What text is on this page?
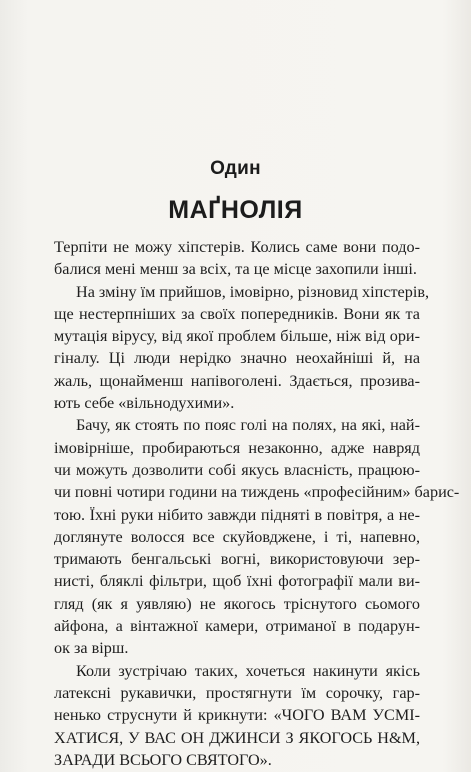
Один
МАҐНОЛІЯ

Терпіти не можу хіпстерів. Колись саме вони подо-
балися мені менш за всіх, та це місце захопили інші.

На зміну їм прийшов, імовірно, різновид хіпстерів,
ще нестерпніших за своїх попередників. Вони як та
мутація вірусу, від якої проблем більше, ніж від ори-
гіналу. Ці люди нерідко значно неохайніші й, на
жаль, щонайменш напівоголені. Здається, прозива-
ють себе «вільнодухими».

Бачу, як стоять по пояс голі на полях, на які, най-
імовірніше, пробираються незаконно, адже навряд
чи можуть дозволити собі якусь власність, працюю-
чи повні чотири години на тиждень «професійним» барис-
тою. Їхні руки нібито завжди підняті в повітря, а не-
доглянуте волосся все скуйовджене, і ті, напевно,
тримають бенгальські вогні, використовуючи зер-
нисті, бляклі фільтри, щоб їхні фотографії мали ви-
гляд (як я уявляю) не якогось тріснутого сьомого
айфона, а вінтажної камери, отриманої в подарун-
ок за вірш.

Коли зустрічаю таких, хочеться накинути якісь
латексні рукавички, простягнути їм сорочку, гар-
ненько струснути й крикнути: «ЧОГО ВАМ УСМІ-
ХАТИСЯ, У ВАС ОН ДЖИНСИ З ЯКОГОСЬ H&M,
ЗАРАДИ ВСЬОГО СВЯТОГО».
